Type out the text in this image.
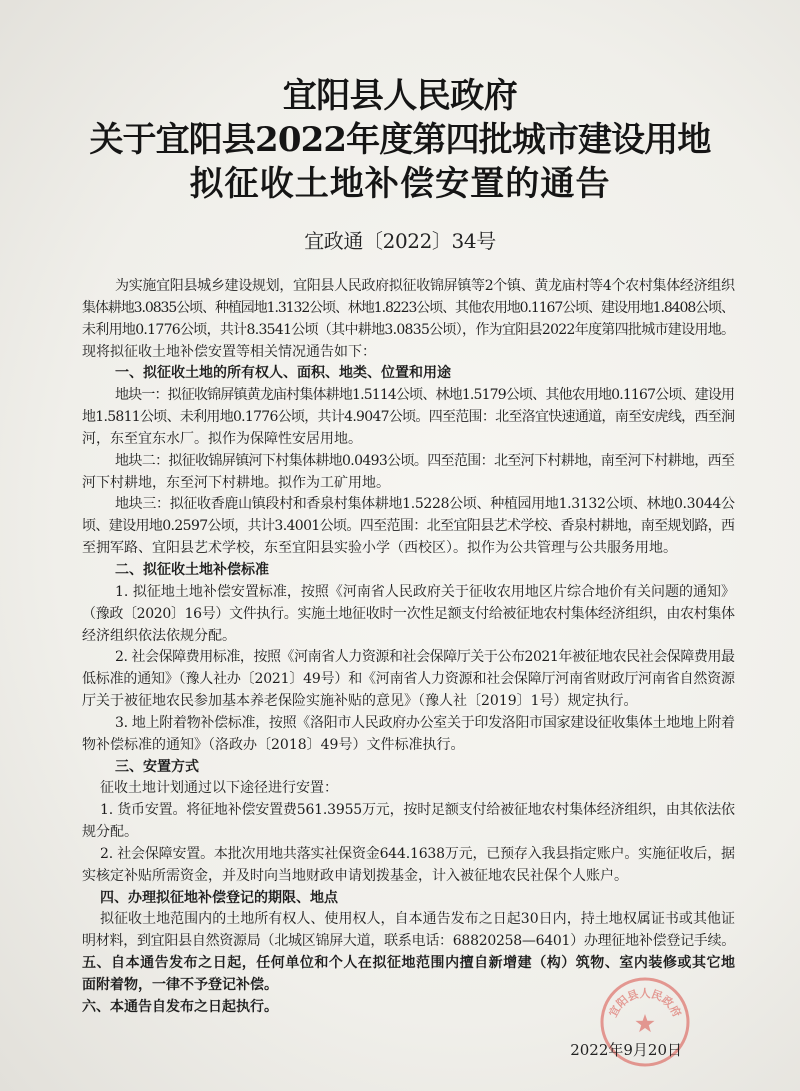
宜阳县人民政府
关于宜阳县2022年度第四批城市建设用地
拟征收土地补偿安置的通告
宜政通〔2022〕34号
为实施宜阳县城乡建设规划，宜阳县人民政府拟征收锦屏镇等2个镇、黄龙庙村等4个农村集体经济组织
集体耕地3.0835公顷、种植园地1.3132公顷、林地1.8223公顷、其他农用地0.1167公顷、建设用地1.8408公顷、
未利用地0.1776公顷，共计8.3541公顷（其中耕地3.0835公顷），作为宜阳县2022年度第四批城市建设用地。
现将拟征收土地补偿安置等相关情况通告如下：
一、拟征收土地的所有权人、面积、地类、位置和用途
地块一：拟征收锦屏镇黄龙庙村集体耕地1.5114公顷、林地1.5179公顷、其他农用地0.1167公顷、建设用
地1.5811公顷、未利用地0.1776公顷，共计4.9047公顷。四至范围：北至洛宜快速通道，南至安虎线，西至涧
河，东至宜东水厂。拟作为保障性安居用地。
地块二：拟征收锦屏镇河下村集体耕地0.0493公顷。四至范围：北至河下村耕地，南至河下村耕地，西至
河下村耕地，东至河下村耕地。拟作为工矿用地。
地块三：拟征收香鹿山镇段村和香泉村集体耕地1.5228公顷、种植园用地1.3132公顷、林地0.3044公
顷、建设用地0.2597公顷，共计3.4001公顷。四至范围：北至宜阳县艺术学校、香泉村耕地，南至规划路，西
至拥军路、宜阳县艺术学校，东至宜阳县实验小学（西校区）。拟作为公共管理与公共服务用地。
二、拟征收土地补偿标准
1. 拟征地土地补偿安置标准，按照《河南省人民政府关于征收农用地区片综合地价有关问题的通知》
（豫政〔2020〕16号）文件执行。实施土地征收时一次性足额支付给被征地农村集体经济组织，由农村集体
经济组织依法依规分配。
2. 社会保障费用标准，按照《河南省人力资源和社会保障厅关于公布2021年被征地农民社会保障费用最
低标准的通知》（豫人社办〔2021〕49号）和《河南省人力资源和社会保障厅河南省财政厅河南省自然资源
厅关于被征地农民参加基本养老保险实施补贴的意见》（豫人社〔2019〕1号）规定执行。
3. 地上附着物补偿标准，按照《洛阳市人民政府办公室关于印发洛阳市国家建设征收集体土地地上附着
物补偿标准的通知》（洛政办〔2018〕49号）文件标准执行。
三、安置方式
征收土地计划通过以下途径进行安置：
1. 货币安置。将征地补偿安置费561.3955万元，按时足额支付给被征地农村集体经济组织，由其依法依
规分配。
2. 社会保障安置。本批次用地共落实社保资金644.1638万元，已预存入我县指定账户。实施征收后，据
实核定补贴所需资金，并及时向当地财政申请划拨基金，计入被征地农民社保个人账户。
四、办理拟征地补偿登记的期限、地点
拟征收土地范围内的土地所有权人、使用权人，自本通告发布之日起30日内，持土地权属证书或其他证
明材料，到宜阳县自然资源局（北城区锦屏大道，联系电话：68820258—6401）办理征地补偿登记手续。
五、自本通告发布之日起，任何单位和个人在拟征地范围内擅自新增建（构）筑物、室内装修或其它地
面附着物，一律不予登记补偿。
六、本通告自发布之日起执行。	宜阳县人民政府
2022年9月20日
